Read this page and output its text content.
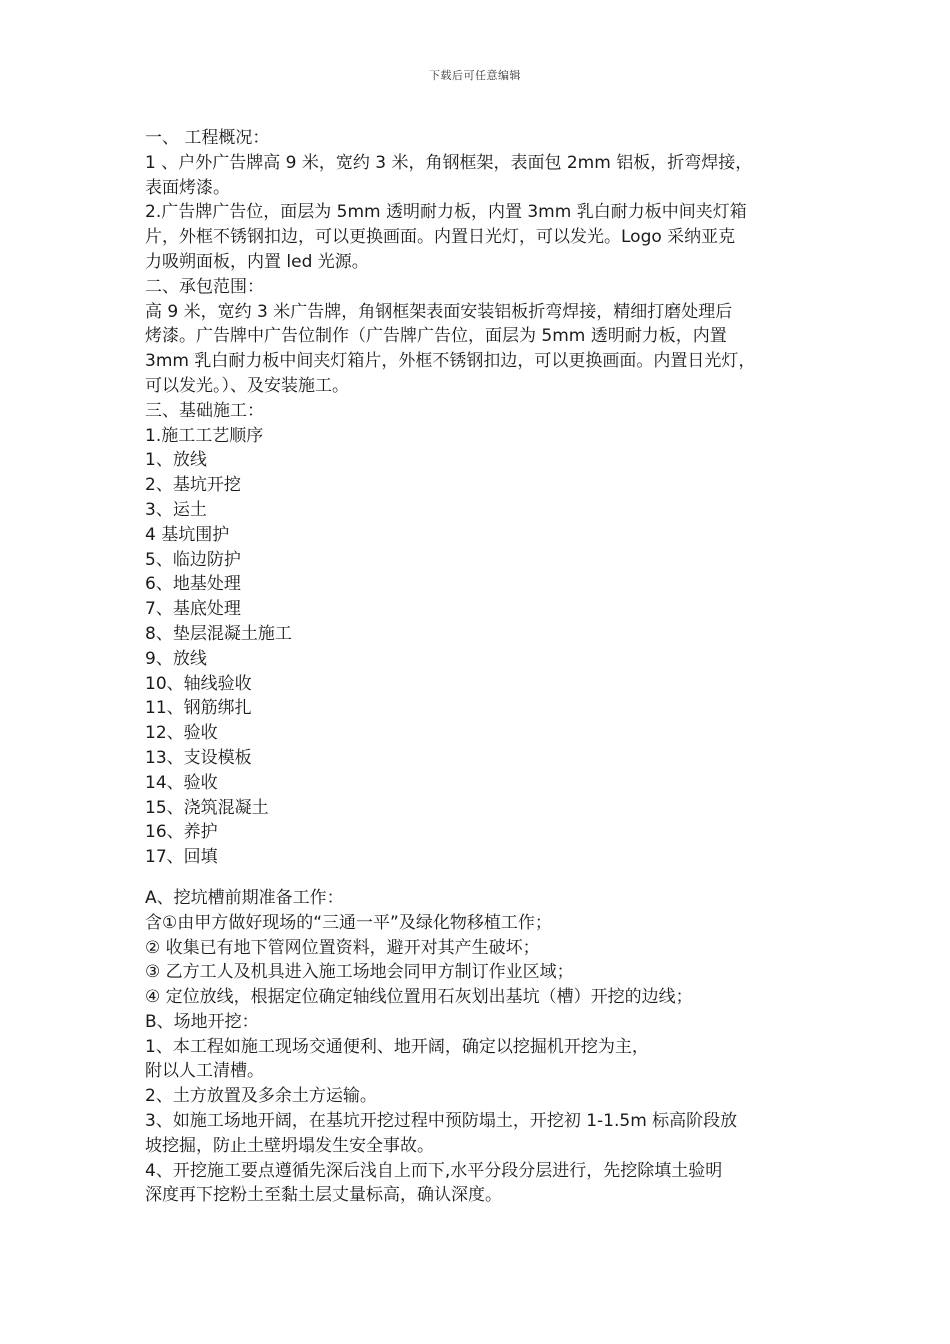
下载后可任意编辑
一、 工程概况：
1 、户外广告牌高 9 米，宽约 3 米，角钢框架，表面包 2mm 铝板，折弯焊接，
表面烤漆。
2.广告牌广告位，面层为 5mm 透明耐力板，内置 3mm 乳白耐力板中间夹灯箱
片，外框不锈钢扣边，可以更换画面。内置日光灯，可以发光。Logo 采纳亚克
力吸朔面板，内置 led 光源。
二、承包范围：
高 9 米，宽约 3 米广告牌，角钢框架表面安装铝板折弯焊接，精细打磨处理后
烤漆。广告牌中广告位制作（广告牌广告位，面层为 5mm 透明耐力板，内置
3mm 乳白耐力板中间夹灯箱片，外框不锈钢扣边，可以更换画面。内置日光灯，
可以发光。）、及安装施工。
三、基础施工：
1.施工工艺顺序
1、放线
2、基坑开挖
3、运土
4 基坑围护
5、临边防护
6、地基处理
7、基底处理
8、垫层混凝土施工
9、放线
10、轴线验收
11、钢筋绑扎
12、验收
13、支设模板
14、验收
15、浇筑混凝土
16、养护
17、回填
A、挖坑槽前期准备工作：
含①由甲方做好现场的“三通一平”及绿化物移植工作；
② 收集已有地下管网位置资料，避开对其产生破坏；
③ 乙方工人及机具进入施工场地会同甲方制订作业区域；
④ 定位放线，根据定位确定轴线位置用石灰划出基坑（槽）开挖的边线；
B、场地开挖：
1、本工程如施工现场交通便利、地开阔，确定以挖掘机开挖为主，
附以人工清槽。
2、土方放置及多余土方运输。
3、如施工场地开阔，在基坑开挖过程中预防塌土，开挖初 1-1.5m 标高阶段放
坡挖掘，防止土壁坍塌发生安全事故。
4、开挖施工要点遵循先深后浅自上而下,水平分段分层进行，先挖除填土验明
深度再下挖粉土至黏土层丈量标高，确认深度。
